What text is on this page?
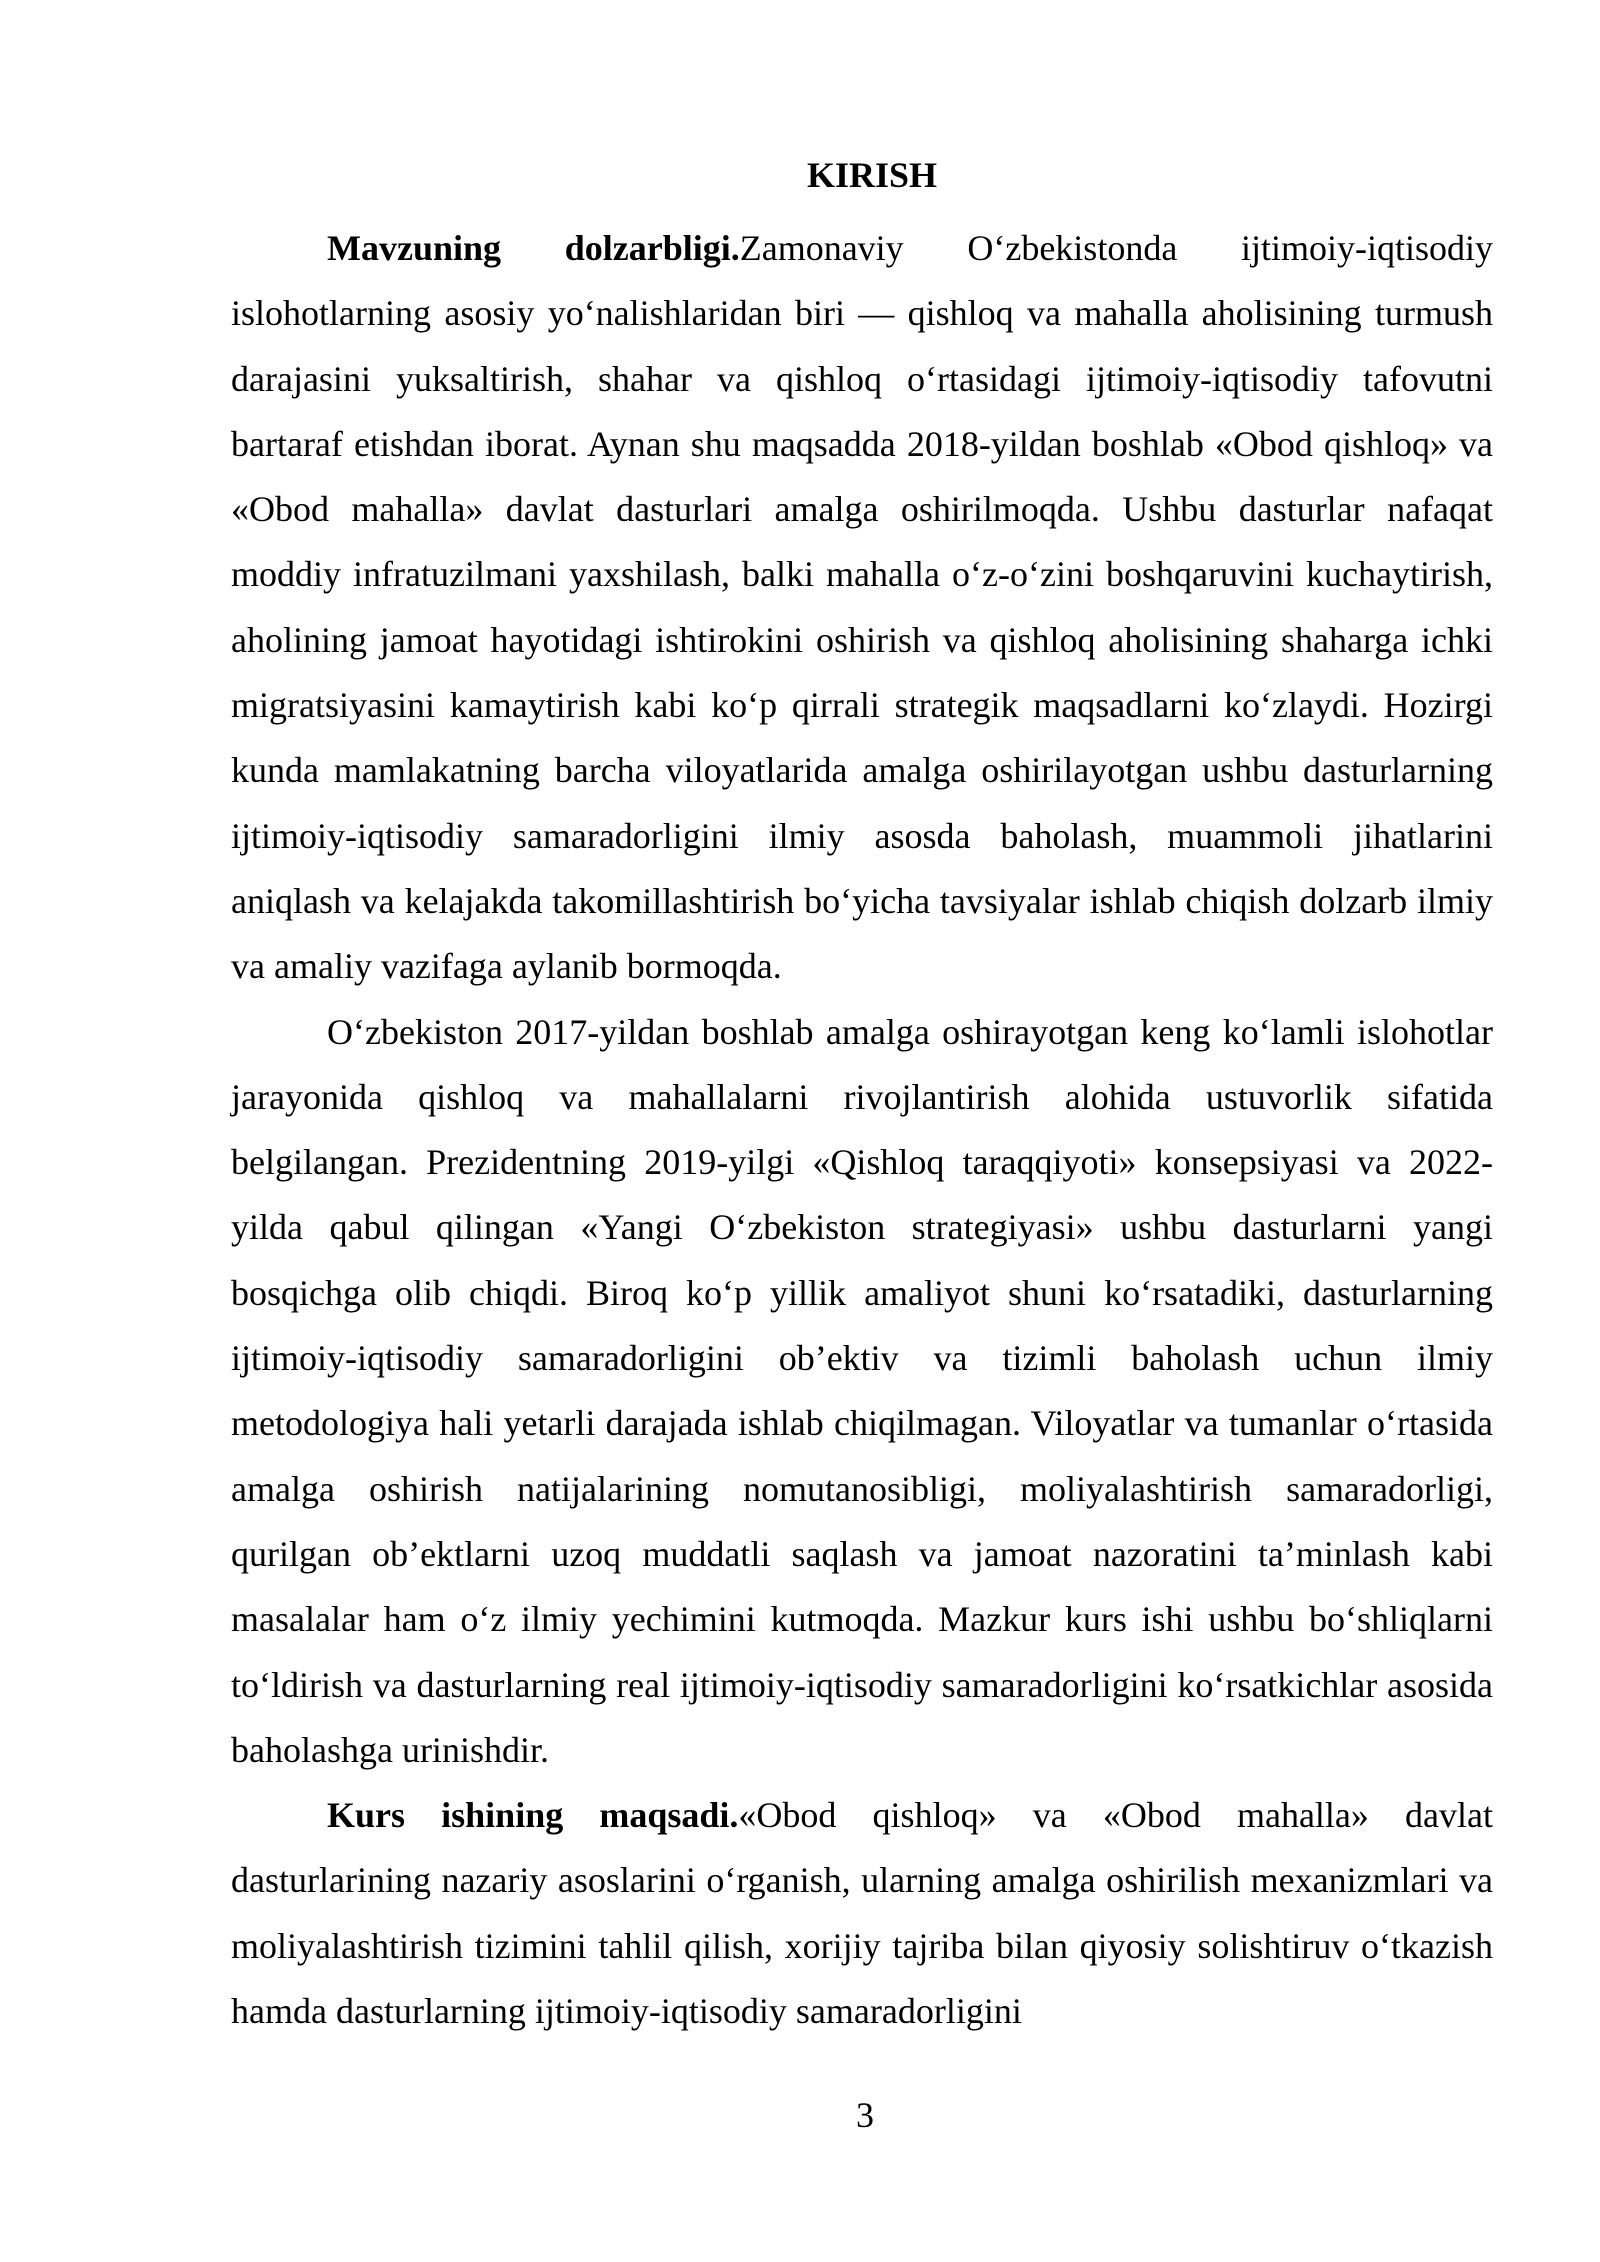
KIRISH

Mavzuning dolzarbligi.Zamonaviy O‘zbekistonda ijtimoiy-iqtisodiy islohotlarning asosiy yo‘nalishlaridan biri — qishloq va mahalla aholisining turmush darajasini yuksaltirish, shahar va qishloq o‘rtasidagi ijtimoiy-iqtisodiy tafovutni bartaraf etishdan iborat. Aynan shu maqsadda 2018-yildan boshlab «Obod qishloq» va «Obod mahalla» davlat dasturlari amalga oshirilmoqda. Ushbu dasturlar nafaqat moddiy infratuzilmani yaxshilash, balki mahalla o‘z-o‘zini boshqaruvini kuchaytirish, aholining jamoat hayotidagi ishtirokini oshirish va qishloq aholisining shaharga ichki migratsiyasini kamaytirish kabi ko‘p qirrali strategik maqsadlarni ko‘zlaydi. Hozirgi kunda mamlakatning barcha viloyatlarida amalga oshirilayotgan ushbu dasturlarning ijtimoiy-iqtisodiy samaradorligini ilmiy asosda baholash, muammoli jihatlarini aniqlash va kelajakda takomillashtirish bo‘yicha tavsiyalar ishlab chiqish dolzarb ilmiy va amaliy vazifaga aylanib bormoqda.

O‘zbekiston 2017-yildan boshlab amalga oshirayotgan keng ko‘lamli islohotlar jarayonida qishloq va mahallalarni rivojlantirish alohida ustuvorlik sifatida belgilangan. Prezidentning 2019-yilgi «Qishloq taraqqiyoti» konsepsiyasi va 2022-yilda qabul qilingan «Yangi O‘zbekiston strategiyasi» ushbu dasturlarni yangi bosqichga olib chiqdi. Biroq ko‘p yillik amaliyot shuni ko‘rsatadiki, dasturlarning ijtimoiy-iqtisodiy samaradorligini ob’ektiv va tizimli baholash uchun ilmiy metodologiya hali yetarli darajada ishlab chiqilmagan. Viloyatlar va tumanlar o‘rtasida amalga oshirish natijalarining nomutanosibligi, moliyalashtirish samaradorligi, qurilgan ob’ektlarni uzoq muddatli saqlash va jamoat nazoratini ta’minlash kabi masalalar ham o‘z ilmiy yechimini kutmoqda. Mazkur kurs ishi ushbu bo‘shliqlarni to‘ldirish va dasturlarning real ijtimoiy-iqtisodiy samaradorligini ko‘rsatkichlar asosida baholashga urinishdir.

Kurs ishining maqsadi.«Obod qishloq» va «Obod mahalla» davlat dasturlarining nazariy asoslarini o‘rganish, ularning amalga oshirilish mexanizmlari va moliyalashtirish tizimini tahlil qilish, xorijiy tajriba bilan qiyosiy solishtiruv o‘tkazish hamda dasturlarning ijtimoiy-iqtisodiy samaradorligini

3
